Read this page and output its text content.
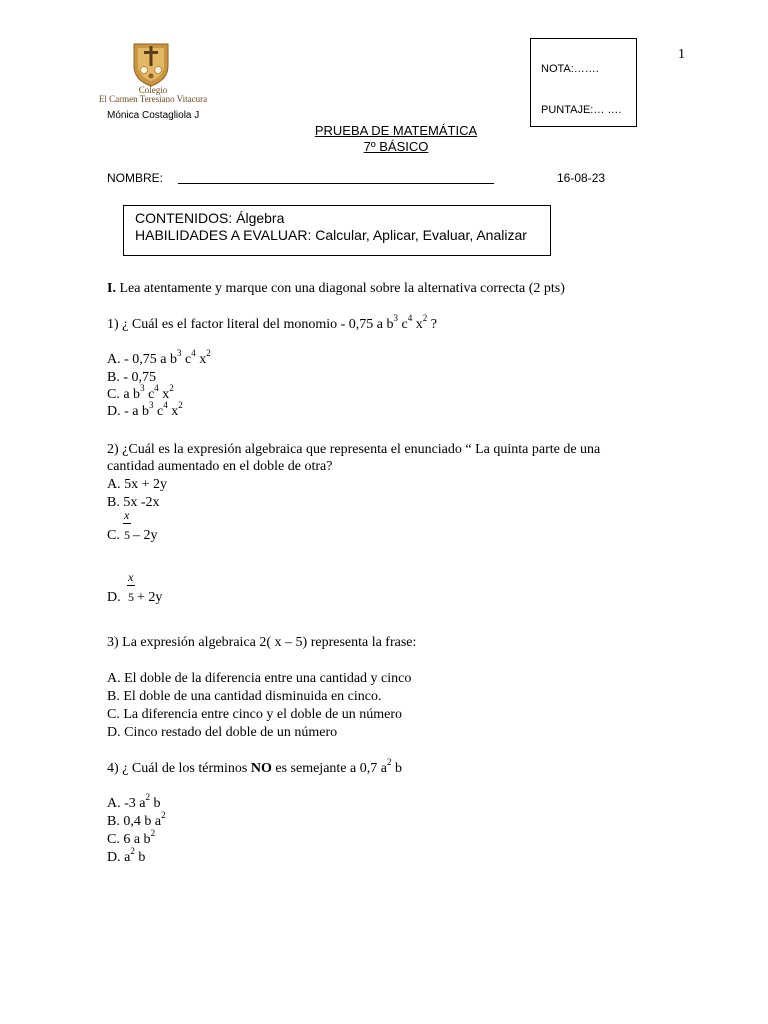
Colegio
El Carmen Teresiano Vitacura
Mónica Costagliola J
NOTA:…….
PUNTAJE:… ….
1
PRUEBA DE MATEMÁTICA
7º BÁSICO
NOMBRE:	16-08-23
CONTENIDOS: Álgebra
HABILIDADES A EVALUAR: Calcular, Aplicar, Evaluar, Analizar
I. Lea atentamente y marque con una diagonal sobre la alternativa correcta (2 pts)
1) ¿ Cuál es el factor literal del monomio - 0,75 a $b^3$ $c^4$ $x^2$ ?
A. - 0,75 a $b^3$ $c^4$ $x^2$
B. - 0,75
C. a $b^3$ $c^4$ $x^2$
D. - a $b^3$ $c^4$ $x^2$
2) ¿Cuál es la expresión algebraica que representa el enunciado “ La quinta parte de una
cantidad aumentado en el doble de otra?
A. 5x + 2y
B. 5x -2x
C.
x
5 – 2y
D.
x
5 + 2y
3) La expresión algebraica 2( x – 5) representa la frase:
A. El doble de la diferencia entre una cantidad y cinco
B. El doble de una cantidad disminuida en cinco.
C. La diferencia entre cinco y el doble de un número
D. Cinco restado del doble de un número
4) ¿ Cuál de los términos NO es semejante a 0,7 $a^2$ b
A. -3 $a^2$ b
B. 0,4 b $a^2$
C. 6 a $b^2$
D. $a^2$ b
